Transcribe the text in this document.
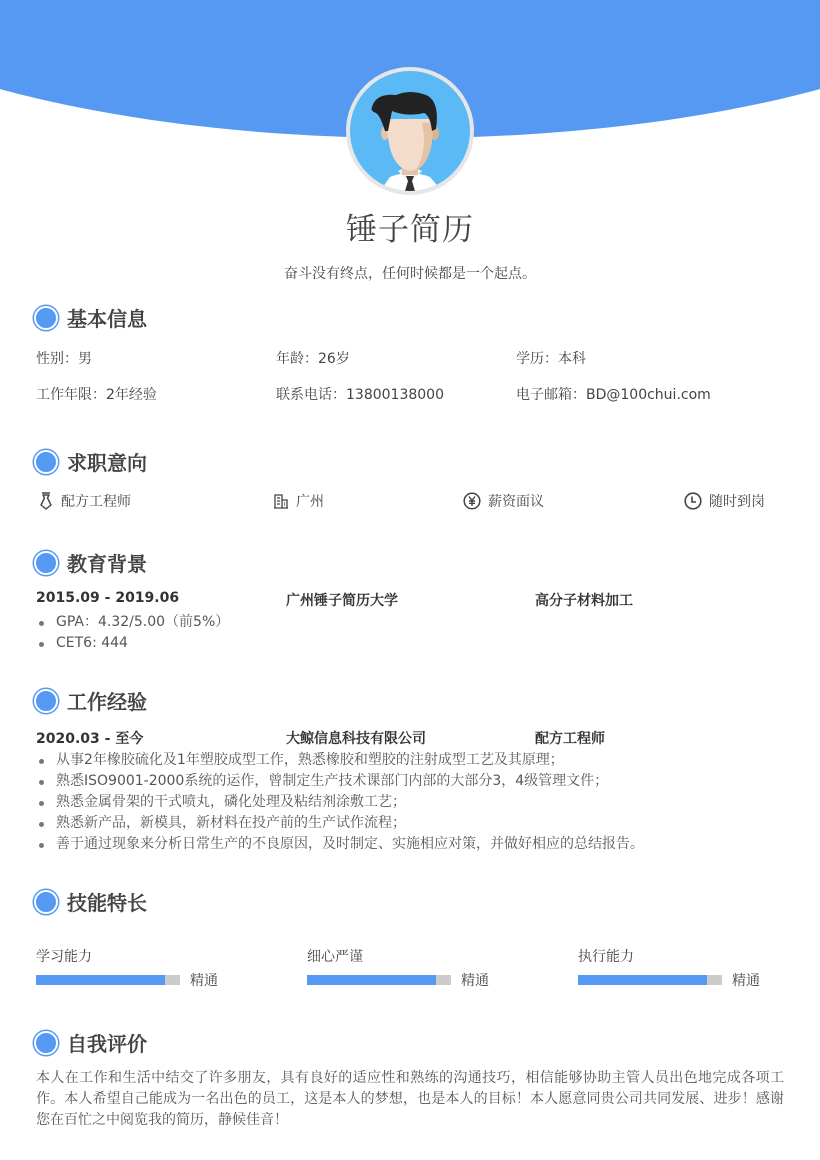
锤子简历
奋斗没有终点，任何时候都是一个起点。
基本信息
性别：男	年龄：26岁	学历：本科
工作年限：2年经验	联系电话：13800138000	电子邮箱：BD@100chui.com
求职意向
配方工程师	广州	薪资面议	随时到岗
教育背景
2015.09 - 2019.06	广州锤子简历大学	高分子材料加工
GPA：4.32/5.00（前5%）
CET6: 444
工作经验
2020.03 - 至今	大鲸信息科技有限公司	配方工程师
从事2年橡胶硫化及1年塑胶成型工作，熟悉橡胶和塑胶的注射成型工艺及其原理；
熟悉ISO9001-2000系统的运作，曾制定生产技术课部门内部的大部分3，4级管理文件；
熟悉金属骨架的干式喷丸，磷化处理及粘结剂涂敷工艺；
熟悉新产品，新模具，新材料在投产前的生产试作流程；
善于通过现象来分析日常生产的不良原因，及时制定、实施相应对策，并做好相应的总结报告。
技能特长
学习能力
精通
细心严谨
精通
执行能力
精通
自我评价
本人在工作和生活中结交了许多朋友，具有良好的适应性和熟练的沟通技巧，相信能够协助主管人员出色地完成各项工作。本人希望自己能成为一名出色的员工，这是本人的梦想，也是本人的目标！本人愿意同贵公司共同发展、进步！感谢您在百忙之中阅览我的简历，静候佳音！
